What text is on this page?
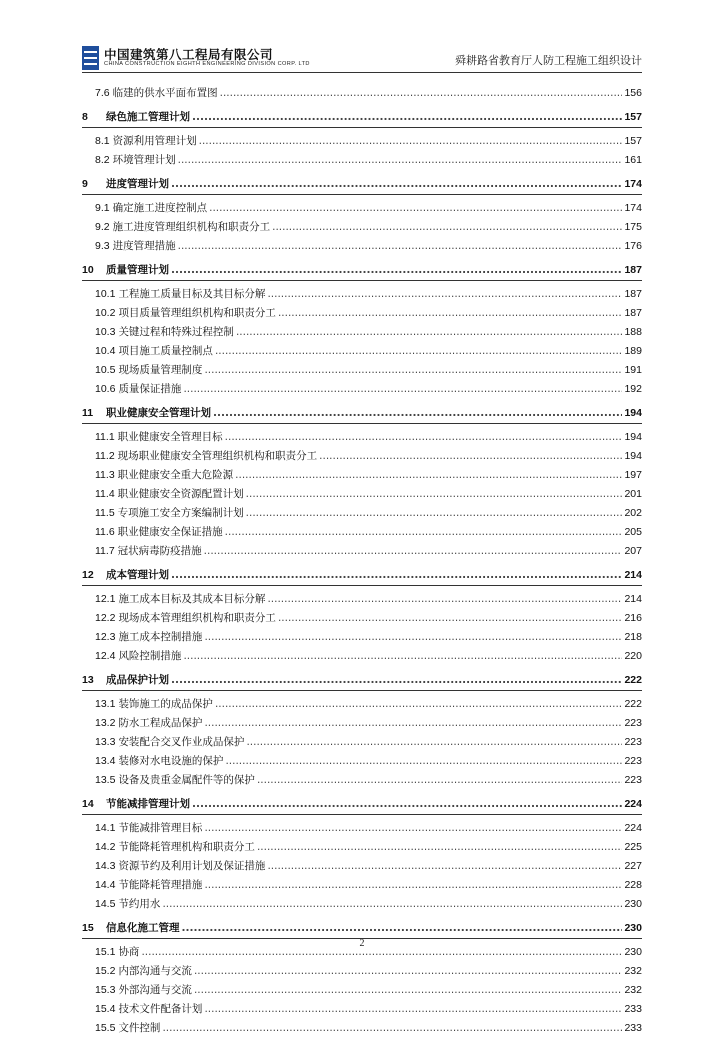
中国建筑第八工程局有限公司
CHINA CONSTRUCTION EIGHTH ENGINEERING DIVISION CORP. LTD	舜耕路省教育厅人防工程施工组织设计
7.6 临建的供水平面布置图 .....	156
8 绿色施工管理计划 .....	157
8.1 资源利用管理计划 .....	157
8.2 环境管理计划 .....	161
9 进度管理计划 .....	174
9.1 确定施工进度控制点 .....	174
9.2 施工进度管理组织机构和职责分工 .....	175
9.3 进度管理措施 .....	176
10 质量管理计划 .....	187
10.1 工程施工质量目标及其目标分解 .....	187
10.2 项目质量管理组织机构和职责分工 .....	187
10.3 关键过程和特殊过程控制 .....	188
10.4 项目施工质量控制点 .....	189
10.5 现场质量管理制度 .....	191
10.6 质量保证措施 .....	192
11 职业健康安全管理计划 .....	194
11.1 职业健康安全管理目标 .....	194
11.2 现场职业健康安全管理组织机构和职责分工 .....	194
11.3 职业健康安全重大危险源 .....	197
11.4 职业健康安全资源配置计划 .....	201
11.5 专项施工安全方案编制计划 .....	202
11.6 职业健康安全保证措施 .....	205
11.7 冠状病毒防疫措施 .....	207
12 成本管理计划 .....	214
12.1 施工成本目标及其成本目标分解 .....	214
12.2 现场成本管理组织机构和职责分工 .....	216
12.3 施工成本控制措施 .....	218
12.4 风险控制措施 .....	220
13 成品保护计划 .....	222
13.1 装饰施工的成品保护 .....	222
13.2 防水工程成品保护 .....	223
13.3 安装配合交叉作业成品保护 .....	223
13.4 装修对水电设施的保护 .....	223
13.5 设备及贵重金属配件等的保护 .....	223
14 节能减排管理计划 .....	224
14.1 节能减排管理目标 .....	224
14.2 节能降耗管理机构和职责分工 .....	225
14.3 资源节约及利用计划及保证措施 .....	227
14.4 节能降耗管理措施 .....	228
14.5 节约用水 .....	230
15 信息化施工管理 .....	230
15.1 协商 .....	230
15.2 内部沟通与交流 .....	232
15.3 外部沟通与交流 .....	232
15.4 技术文件配备计划 .....	233
15.5 文件控制 .....	233
2
